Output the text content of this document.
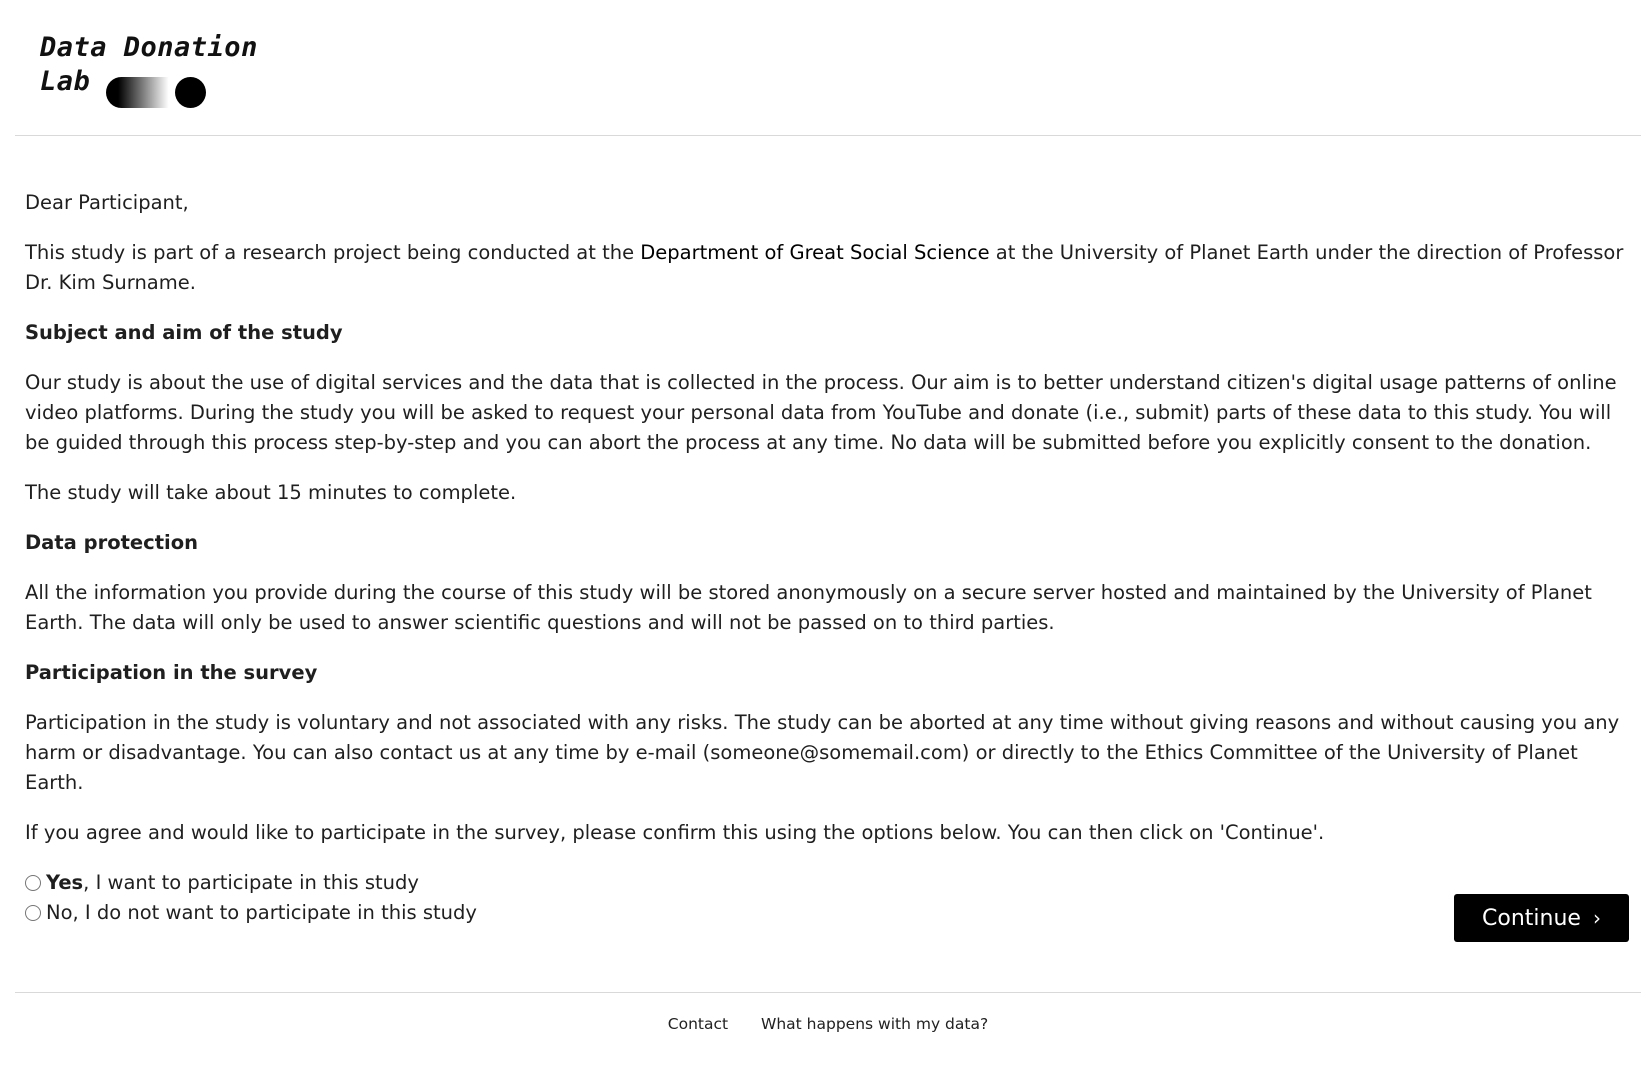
Data Donation
Lab

Dear Participant,

This study is part of a research project being conducted at the Department of Great Social Science at the University of Planet Earth under the direction of Professor Dr. Kim Surname.

Subject and aim of the study

Our study is about the use of digital services and the data that is collected in the process. Our aim is to better understand citizen's digital usage patterns of online video platforms. During the study you will be asked to request your personal data from YouTube and donate (i.e., submit) parts of these data to this study. You will be guided through this process step-by-step and you can abort the process at any time. No data will be submitted before you explicitly consent to the donation.

The study will take about 15 minutes to complete.

Data protection

All the information you provide during the course of this study will be stored anonymously on a secure server hosted and maintained by the University of Planet Earth. The data will only be used to answer scientific questions and will not be passed on to third parties.

Participation in the survey

Participation in the study is voluntary and not associated with any risks. The study can be aborted at any time without giving reasons and without causing you any harm or disadvantage. You can also contact us at any time by e-mail (someone@somemail.com) or directly to the Ethics Committee of the University of Planet Earth.

If you agree and would like to participate in the survey, please confirm this using the options below. You can then click on 'Continue'.

Yes, I want to participate in this study
No, I do not want to participate in this study	Continue ›
Contact What happens with my data?
